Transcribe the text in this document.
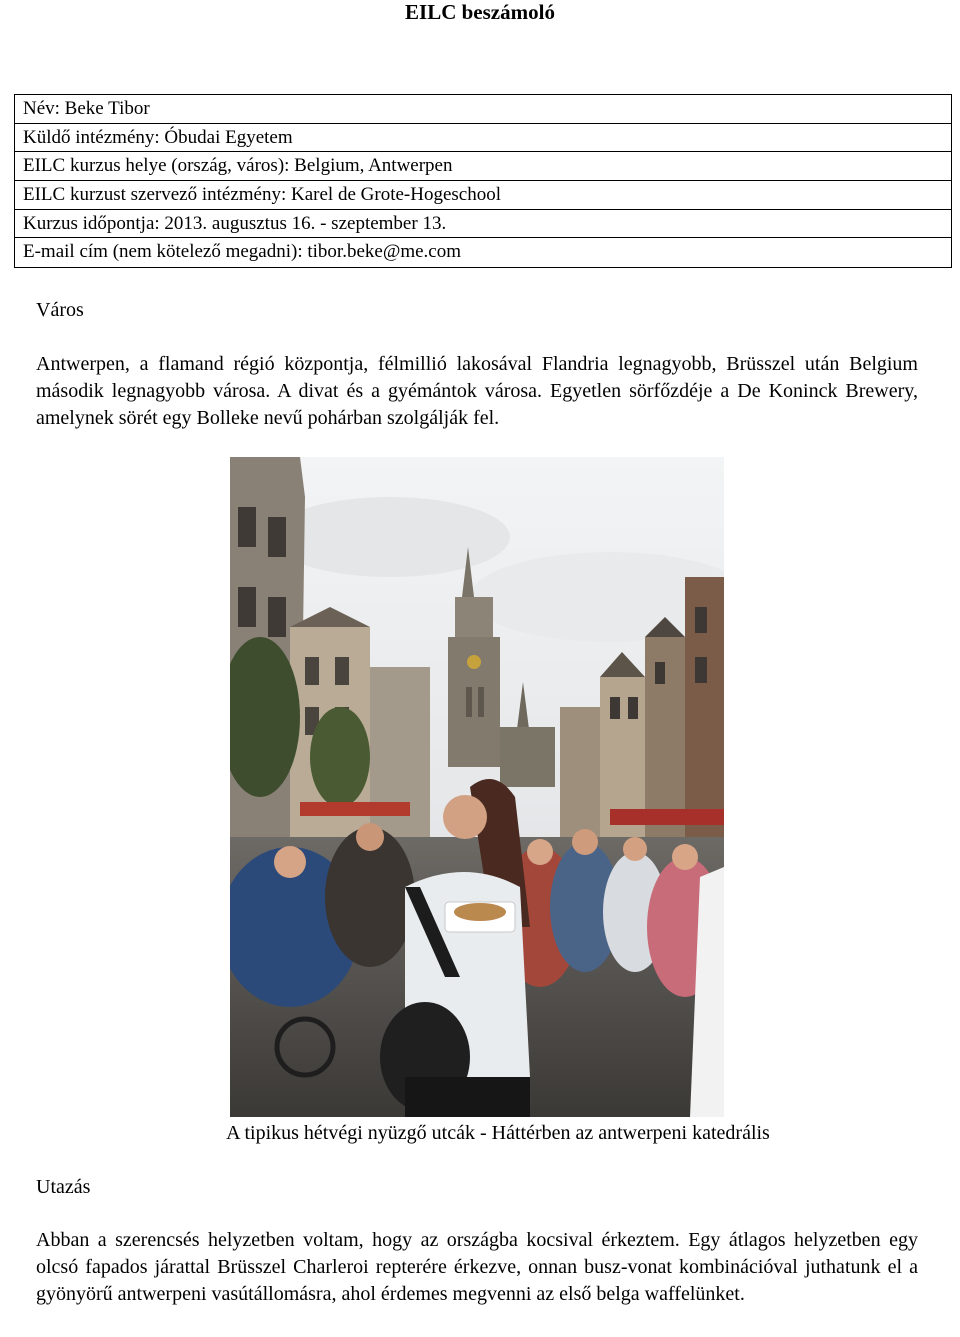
EILC beszámoló
Név: Beke Tibor
Küldő intézmény: Óbudai Egyetem
EILC kurzus helye (ország, város): Belgium, Antwerpen
EILC kurzust szervező intézmény: Karel de Grote-Hogeschool
Kurzus időpontja: 2013. augusztus 16. - szeptember 13.
E-mail cím (nem kötelező megadni): tibor.beke@me.com
Város
Antwerpen, a flamand régió központja, félmillió lakosával Flandria legnagyobb, Brüsszel után Belgium második legnagyobb városa. A divat és a gyémántok városa. Egyetlen sörfőzdéje a De Koninck Brewery, amelynek sörét egy Bolleke nevű pohárban szolgálják fel.
A tipikus hétvégi nyüzgő utcák - Háttérben az antwerpeni katedrális
Utazás
Abban a szerencsés helyzetben voltam, hogy az országba kocsival érkeztem. Egy átlagos helyzetben egy olcsó fapados járattal Brüsszel Charleroi repterére érkezve, onnan busz-vonat kombinációval juthatunk el a gyönyörű antwerpeni vasútállomásra, ahol érdemes megvenni az első belga waffelünket.
